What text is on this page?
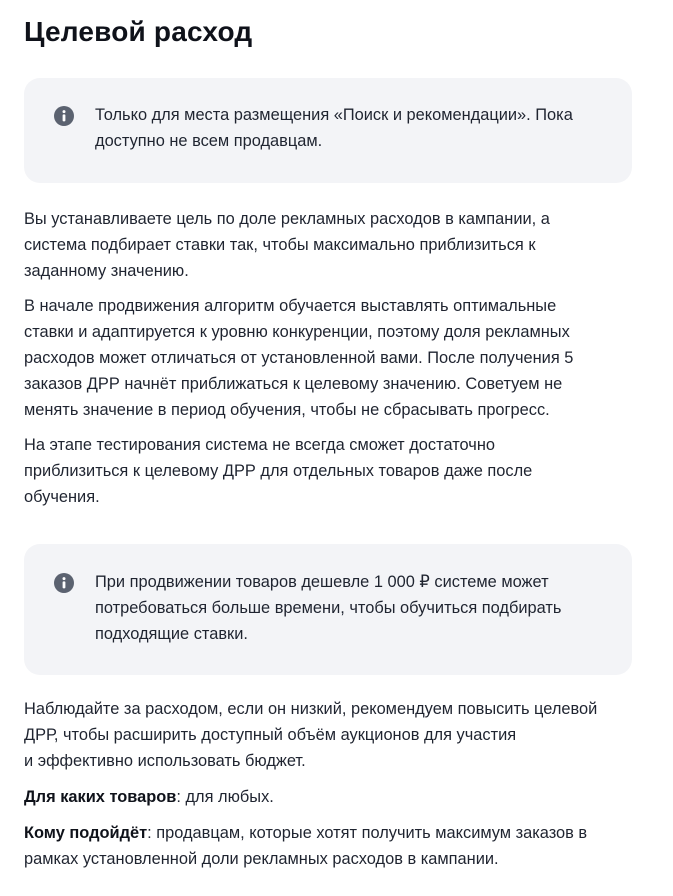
Целевой расход
Только для места размещения «Поиск и рекомендации». Пока
доступно не всем продавцам.

Вы устанавливаете цель по доле рекламных расходов в кампании, а
система подбирает ставки так, чтобы максимально приблизиться к
заданному значению.

В начале продвижения алгоритм обучается выставлять оптимальные
ставки и адаптируется к уровню конкуренции, поэтому доля рекламных
расходов может отличаться от установленной вами. После получения 5
заказов ДРР начнёт приближаться к целевому значению. Советуем не
менять значение в период обучения, чтобы не сбрасывать прогресс.

На этапе тестирования система не всегда сможет достаточно
приблизиться к целевому ДРР для отдельных товаров даже после
обучения.

При продвижении товаров дешевле 1 000 ₽ системе может
потребоваться больше времени, чтобы обучиться подбирать
подходящие ставки.

Наблюдайте за расходом, если он низкий, рекомендуем повысить целевой
ДРР, чтобы расширить доступный объём аукционов для участия
и эффективно использовать бюджет.

Для каких товаров: для любых.

Кому подойдёт: продавцам, которые хотят получить максимум заказов в
рамках установленной доли рекламных расходов в кампании.
